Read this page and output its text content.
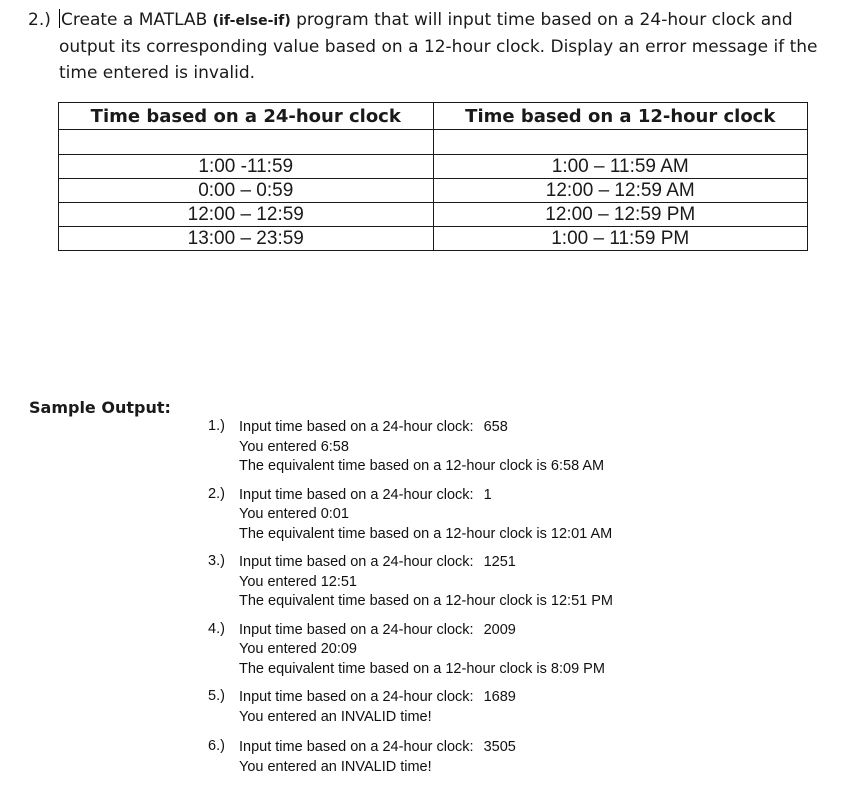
2.) Create a MATLAB (if-else-if) program that will input time based on a 24-hour clock and output its corresponding value based on a 12-hour clock. Display an error message if the time entered is invalid.
Time based on a 24-hour clock	Time based on a 12-hour clock

1:00 -11:59	1:00 – 11:59 AM
0:00 – 0:59	12:00 – 12:59 AM
12:00 – 12:59	12:00 – 12:59 PM
13:00 – 23:59	1:00 – 11:59 PM
Sample Output:
1.) Input time based on a 24-hour clock: 658
You entered 6:58
The equivalent time based on a 12-hour clock is 6:58 AM
2.) Input time based on a 24-hour clock: 1
You entered 0:01
The equivalent time based on a 12-hour clock is 12:01 AM
3.) Input time based on a 24-hour clock: 1251
You entered 12:51
The equivalent time based on a 12-hour clock is 12:51 PM
4.) Input time based on a 24-hour clock: 2009
You entered 20:09
The equivalent time based on a 12-hour clock is 8:09 PM
5.) Input time based on a 24-hour clock: 1689
You entered an INVALID time!
6.) Input time based on a 24-hour clock: 3505
You entered an INVALID time!
